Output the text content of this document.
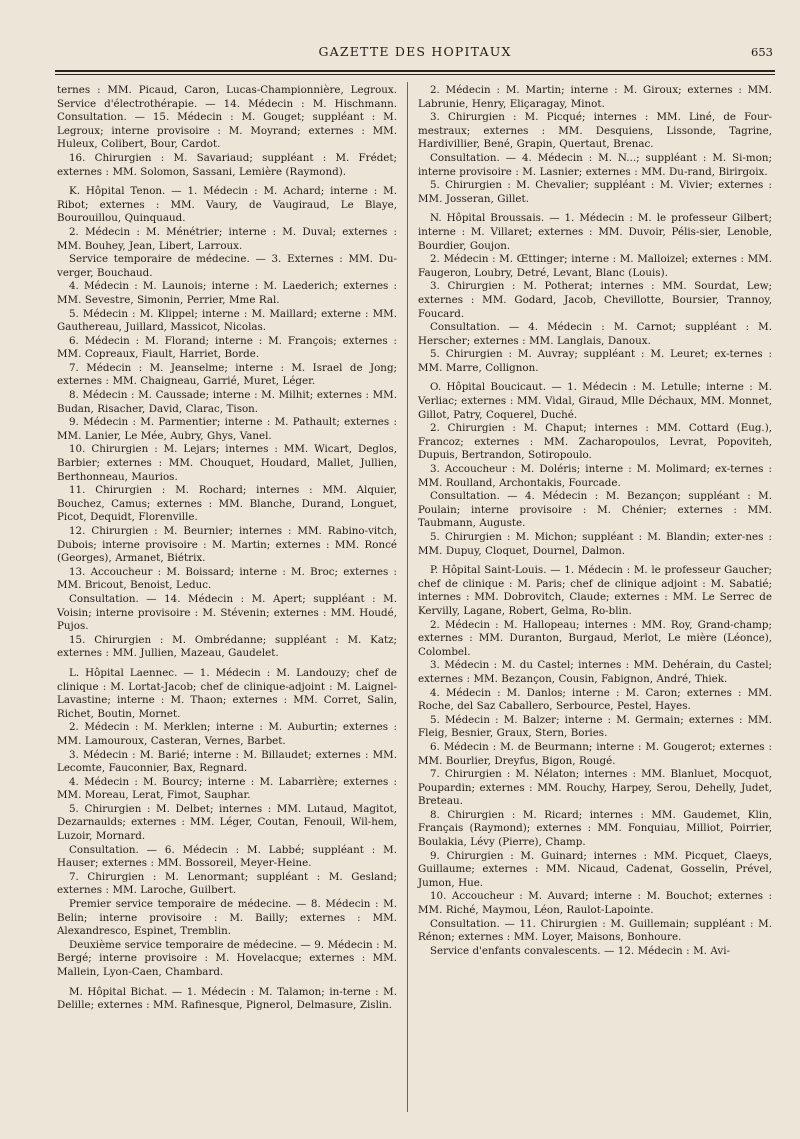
GAZETTE DES HOPITAUX	653

ternes : MM. Picaud, Caron, Lucas-Championnière, Legroux. Service d'électrothérapie. — 14. Médecin : M. Hischmann. Consultation. — 15. Médecin : M. Gouget; suppléant : M. Legroux; interne provisoire : M. Moyrand; externes : MM. Huleux, Colibert, Bour, Cardot.

16. Chirurgien : M. Savariaud; suppléant : M. Frédet; externes : MM. Solomon, Sassani, Lemière (Raymond).

K. Hôpital Tenon. — 1. Médecin : M. Achard; interne : M. Ribot; externes : MM. Vaury, de Vaugiraud, Le Blaye, Bourouillou, Quinquaud.

2. Médecin : M. Ménétrier; interne : M. Duval; externes : MM. Bouhey, Jean, Libert, Larroux.

Service temporaire de médecine. — 3. Externes : MM. Du-verger, Bouchaud.

4. Médecin : M. Launois; interne : M. Laederich; externes : MM. Sevestre, Simonin, Perrier, Mme Ral.

5. Médecin : M. Klippel; interne : M. Maillard; externe : MM. Gauthereau, Juillard, Massicot, Nicolas.

6. Médecin : M. Florand; interne : M. François; externes : MM. Copreaux, Fiault, Harriet, Borde.

7. Médecin : M. Jeanselme; interne : M. Israel de Jong; externes : MM. Chaigneau, Garrié, Muret, Léger.

8. Médecin : M. Caussade; interne : M. Milhit; externes : MM. Budan, Risacher, David, Clarac, Tison.

9. Médecin : M. Parmentier; interne : M. Pathault; externes : MM. Lanier, Le Mée, Aubry, Ghys, Vanel.

10. Chirurgien : M. Lejars; internes : MM. Wicart, Deglos, Barbier; externes : MM. Chouquet, Houdard, Mallet, Jullien, Berthonneau, Maurios.

11. Chirurgien : M. Rochard; internes : MM. Alquier, Bouchez, Camus; externes : MM. Blanche, Durand, Longuet, Picot, Dequidt, Florenville.

12. Chirurgien : M. Beurnier; internes : MM. Rabino-vitch, Dubois; interne provisoire : M. Martin; externes : MM. Roncé (Georges), Armanet, Biétrix.

13. Accoucheur : M. Boissard; interne : M. Broc; externes : MM. Bricout, Benoist, Leduc.

Consultation. — 14. Médecin : M. Apert; suppléant : M. Voisin; interne provisoire : M. Stévenin; externes : MM. Houdé, Pujos.

15. Chirurgien : M. Ombrédanne; suppléant : M. Katz; externes : MM. Jullien, Mazeau, Gaudelet.

L. Hôpital Laennec. — 1. Médecin : M. Landouzy; chef de clinique : M. Lortat-Jacob; chef de clinique-adjoint : M. Laignel-Lavastine; interne : M. Thaon; externes : MM. Corret, Salin, Richet, Boutin, Mornet.

2. Médecin : M. Merklen; interne : M. Auburtin; externes : MM. Lamouroux, Casteran, Vernes, Barbet.

3. Médecin : M. Barié; interne : M. Billaudet; externes : MM. Lecomte, Fauconnier, Bax, Regnard.

4. Médecin : M. Bourcy; interne : M. Labarrière; externes : MM. Moreau, Lerat, Fimot, Sauphar.

5. Chirurgien : M. Delbet; internes : MM. Lutaud, Magitot, Dezarnaulds; externes : MM. Léger, Coutan, Fenouil, Wil-hem, Luzoir, Mornard.

Consultation. — 6. Médecin : M. Labbé; suppléant : M. Hauser; externes : MM. Bossoreil, Meyer-Heine.

7. Chirurgien : M. Lenormant; suppléant : M. Gesland; externes : MM. Laroche, Guilbert.

Premier service temporaire de médecine. — 8. Médecin : M. Belin; interne provisoire : M. Bailly; externes : MM. Alexandresco, Espinet, Tremblin.

Deuxième service temporaire de médecine. — 9. Médecin : M. Bergé; interne provisoire : M. Hovelacque; externes : MM. Mallein, Lyon-Caen, Chambard.

M. Hôpital Bichat. — 1. Médecin : M. Talamon; in-terne : M. Delille; externes : MM. Rafinesque, Pignerol, Delmasure, Zislin.

2. Médecin : M. Martin; interne : M. Giroux; externes : MM. Labrunie, Henry, Eliçaragay, Minot.

3. Chirurgien : M. Picqué; internes : MM. Liné, de Four-mestraux; externes : MM. Desquiens, Lissonde, Tagrine, Hardivillier, Bené, Grapin, Quertaut, Brenac.

Consultation. — 4. Médecin : M. N...; suppléant : M. Si-mon; interne provisoire : M. Lasnier; externes : MM. Du-rand, Birirgoix.

5. Chirurgien : M. Chevalier; suppléant : M. Vivier; externes : MM. Josseran, Gillet.

N. Hôpital Broussais. — 1. Médecin : M. le professeur Gilbert; interne : M. Villaret; externes : MM. Duvoir, Pélis-sier, Lenoble, Bourdier, Goujon.

2. Médecin : M. Œttinger; interne : M. Malloizel; externes : MM. Faugeron, Loubry, Detré, Levant, Blanc (Louis).

3. Chirurgien : M. Potherat; internes : MM. Sourdat, Lew; externes : MM. Godard, Jacob, Chevillotte, Boursier, Trannoy, Foucard.

Consultation. — 4. Médecin : M. Carnot; suppléant : M. Herscher; externes : MM. Langlais, Danoux.

5. Chirurgien : M. Auvray; suppléant : M. Leuret; ex-ternes : MM. Marre, Collignon.

O. Hôpital Boucicaut. — 1. Médecin : M. Letulle; interne : M. Verliac; externes : MM. Vidal, Giraud, Mlle Déchaux, MM. Monnet, Gillot, Patry, Coquerel, Duché.

2. Chirurgien : M. Chaput; internes : MM. Cottard (Eug.), Francoz; externes : MM. Zacharopoulos, Levrat, Popoviteh, Dupuis, Bertrandon, Sotiropoulo.

3. Accoucheur : M. Doléris; interne : M. Molimard; ex-ternes : MM. Roulland, Archontakis, Fourcade.

Consultation. — 4. Médecin : M. Bezançon; suppléant : M. Poulain; interne provisoire : M. Chénier; externes : MM. Taubmann, Auguste.

5. Chirurgien : M. Michon; suppléant : M. Blandin; exter-nes : MM. Dupuy, Cloquet, Dournel, Dalmon.

P. Hôpital Saint-Louis. — 1. Médecin : M. le professeur Gaucher; chef de clinique : M. Paris; chef de clinique adjoint : M. Sabatié; internes : MM. Dobrovitch, Claude; externes : MM. Le Serrec de Kervilly, Lagane, Robert, Gelma, Ro-blin.

2. Médecin : M. Hallopeau; internes : MM. Roy, Grand-champ; externes : MM. Duranton, Burgaud, Merlot, Le mière (Léonce), Colombel.

3. Médecin : M. du Castel; internes : MM. Dehérain, du Castel; externes : MM. Bezançon, Cousin, Fabignon, André, Thiek.

4. Médecin : M. Danlos; interne : M. Caron; externes : MM. Roche, del Saz Caballero, Serbource, Pestel, Hayes.

5. Médecin : M. Balzer; interne : M. Germain; externes : MM. Fleig, Besnier, Graux, Stern, Bories.

6. Médecin : M. de Beurmann; interne : M. Gougerot; externes : MM. Bourlier, Dreyfus, Bigon, Rougé.

7. Chirurgien : M. Nélaton; internes : MM. Blanluet, Mocquot, Poupardin; externes : MM. Rouchy, Harpey, Serou, Dehelly, Judet, Breteau.

8. Chirurgien : M. Ricard; internes : MM. Gaudemet, Klin, Français (Raymond); externes : MM. Fonquiau, Milliot, Poirrier, Boulakia, Lévy (Pierre), Champ.

9. Chirurgien : M. Guinard; internes : MM. Picquet, Claeys, Guillaume; externes : MM. Nicaud, Cadenat, Gosselin, Prével, Jumon, Hue.

10. Accoucheur : M. Auvard; interne : M. Bouchot; externes : MM. Riché, Maymou, Léon, Raulot-Lapointe.

Consultation. — 11. Chirurgien : M. Guillemain; suppléant : M. Rénon; externes : MM. Loyer, Maisons, Bonhoure.

Service d'enfants convalescents. — 12. Médecin : M. Avi-
